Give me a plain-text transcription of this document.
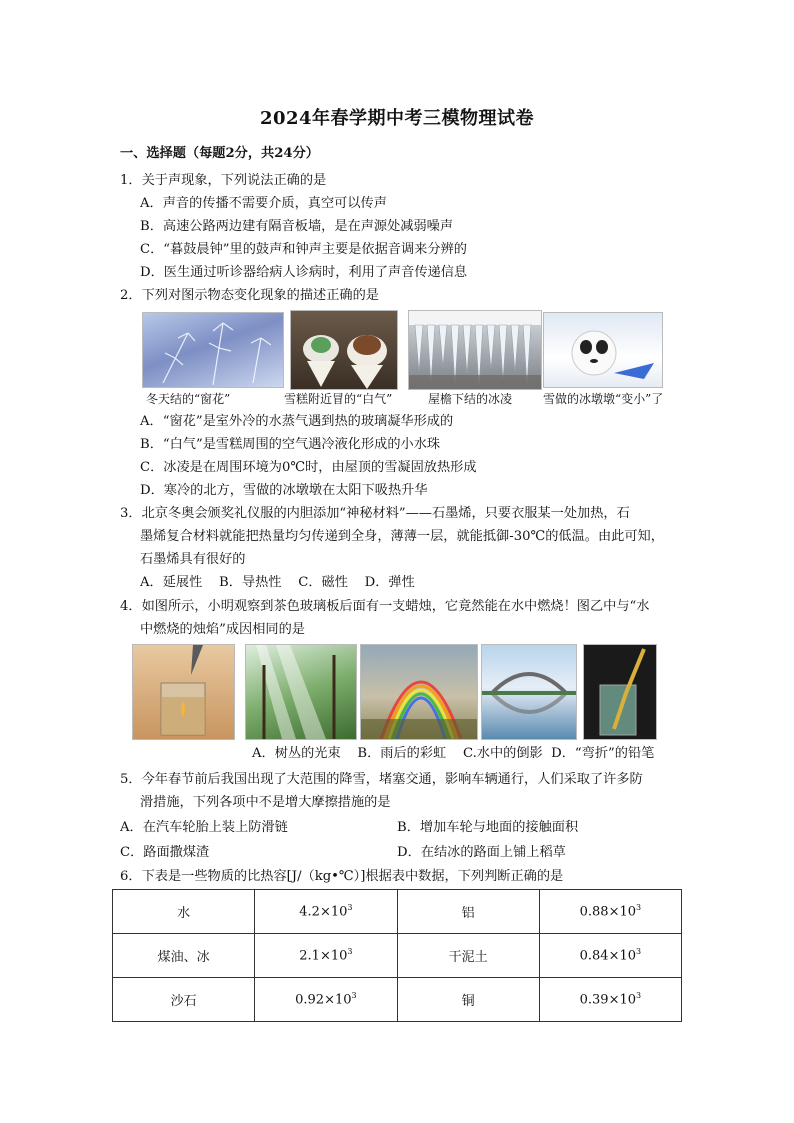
2024年春学期中考三模物理试卷
一、选择题（每题2分，共24分）
1．关于声现象，下列说法正确的是
A．声音的传播不需要介质，真空可以传声
B．高速公路两边建有隔音板墙，是在声源处减弱噪声
C．“暮鼓晨钟”里的鼓声和钟声主要是依据音调来分辨的
D．医生通过听诊器给病人诊病时，利用了声音传递信息
2．下列对图示物态变化现象的描述正确的是
冬天结的“窗花”	雪糕附近冒的“白气”	屋檐下结的冰凌	雪做的冰墩墩“变小”了
A．“窗花”是室外冷的水蒸气遇到热的玻璃凝华形成的
B．“白气”是雪糕周围的空气遇冷液化形成的小水珠
C．冰凌是在周围环境为0℃时，由屋顶的雪凝固放热形成
D．寒冷的北方，雪做的冰墩墩在太阳下吸热升华
3．北京冬奥会颁奖礼仪服的内胆添加“神秘材料”——石墨烯，只要衣服某一处加热，石
墨烯复合材料就能把热量均匀传递到全身，薄薄一层，就能抵御-30℃的低温。由此可知，
石墨烯具有很好的
A．延展性    B．导热性    C．磁性    D．弹性
4．如图所示，小明观察到茶色玻璃板后面有一支蜡烛，它竟然能在水中燃烧！图乙中与“水
中燃烧的烛焰”成因相同的是
A．树丛的光束    B．雨后的彩虹    C.水中的倒影  D．“弯折”的铅笔
5．今年春节前后我国出现了大范围的降雪，堵塞交通，影响车辆通行，人们采取了许多防
滑措施，下列各项中不是增大摩擦措施的是
A．在汽车轮胎上装上防滑链	B．增加车轮与地面的接触面积
C．路面撒煤渣	D．在结冰的路面上铺上稻草
6．下表是一些物质的比热容[J/（kg•℃）]根据表中数据，下列判断正确的是
水	$4.2\times 10^3$	铝	$0.88\times 10^3$
煤油、冰	$2.1\times 10^3$	干泥土	$0.84\times 10^3$
沙石	$0.92\times 10^3$	铜	$0.39\times 10^3$
